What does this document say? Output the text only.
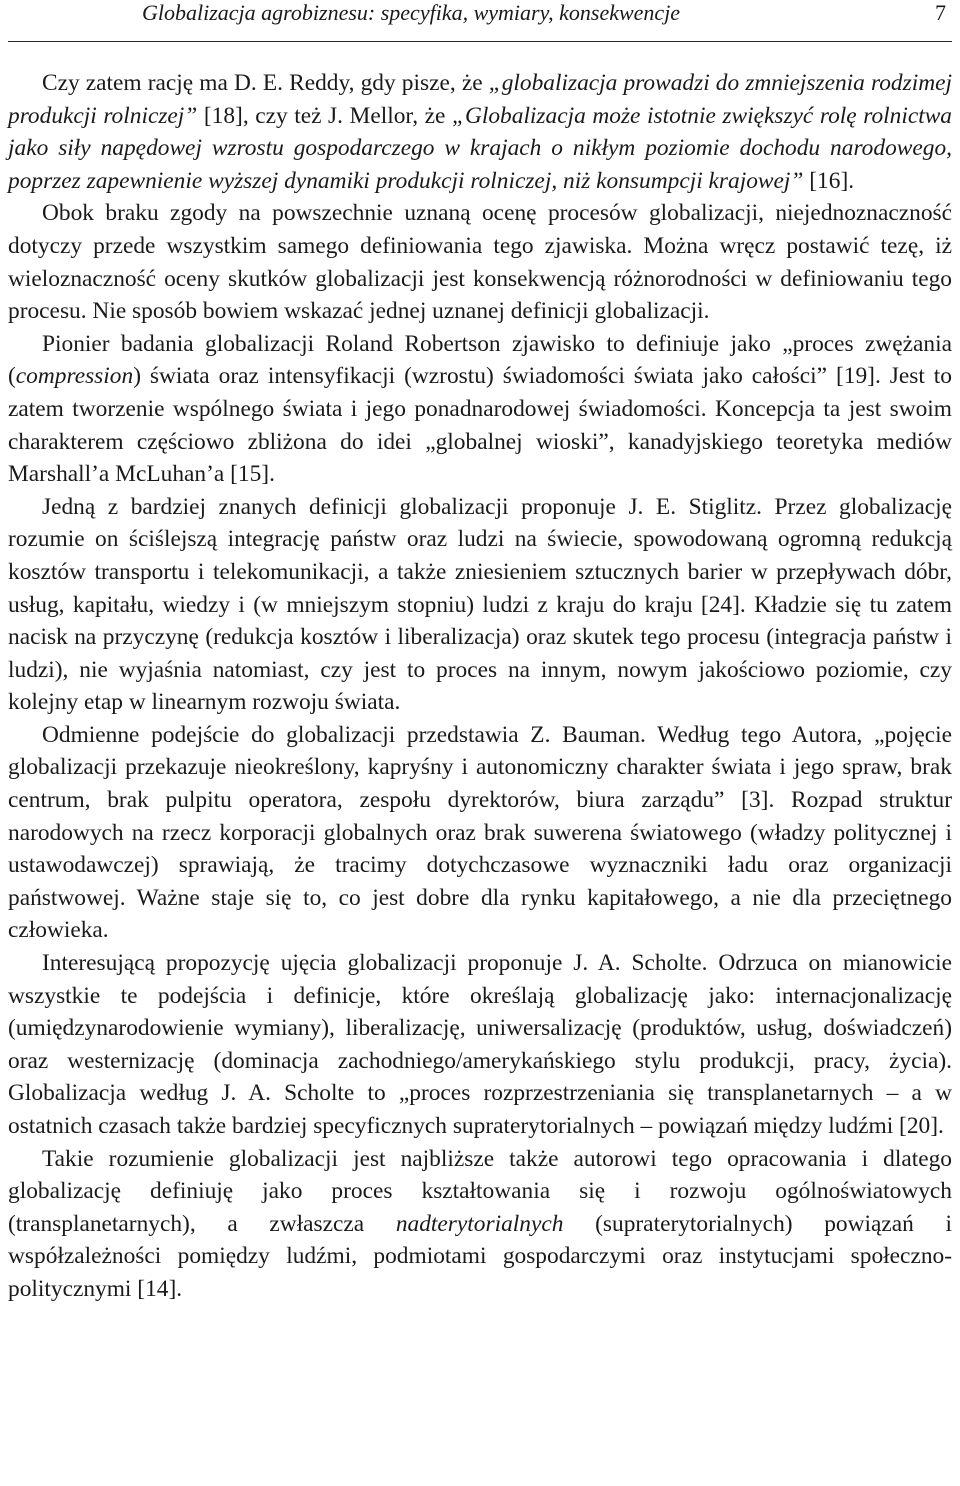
Globalizacja agrobiznesu: specyfika, wymiary, konsekwencje	7

Czy zatem rację ma D. E. Reddy, gdy pisze, że „globalizacja prowadzi do zmniejszenia rodzimej produkcji rolniczej” [18], czy też J. Mellor, że „Globalizacja może istotnie zwiększyć rolę rolnictwa jako siły napędowej wzrostu gospodarczego w krajach o nikłym poziomie dochodu narodowego, poprzez zapewnienie wyższej dynamiki produkcji rolniczej, niż konsumpcji krajowej” [16].

Obok braku zgody na powszechnie uznaną ocenę procesów globalizacji, niejednoznaczność dotyczy przede wszystkim samego definiowania tego zjawiska. Można wręcz postawić tezę, iż wieloznaczność oceny skutków globalizacji jest konsekwencją różnorodności w definiowaniu tego procesu. Nie sposób bowiem wskazać jednej uznanej definicji globalizacji.

Pionier badania globalizacji Roland Robertson zjawisko to definiuje jako „proces zwężania (compression) świata oraz intensyfikacji (wzrostu) świadomości świata jako całości” [19]. Jest to zatem tworzenie wspólnego świata i jego ponadnarodowej świadomości. Koncepcja ta jest swoim charakterem częściowo zbliżona do idei „globalnej wioski”, kanadyjskiego teoretyka mediów Marshall’a McLuhan’a [15].

Jedną z bardziej znanych definicji globalizacji proponuje J. E. Stiglitz. Przez globalizację rozumie on ściślejszą integrację państw oraz ludzi na świecie, spowodowaną ogromną redukcją kosztów transportu i telekomunikacji, a także zniesieniem sztucznych barier w przepływach dóbr, usług, kapitału, wiedzy i (w mniejszym stopniu) ludzi z kraju do kraju [24]. Kładzie się tu zatem nacisk na przyczynę (redukcja kosztów i liberalizacja) oraz skutek tego procesu (integracja państw i ludzi), nie wyjaśnia natomiast, czy jest to proces na innym, nowym jakościowo poziomie, czy kolejny etap w linearnym rozwoju świata.

Odmienne podejście do globalizacji przedstawia Z. Bauman. Według tego Autora, „pojęcie globalizacji przekazuje nieokreślony, kapryśny i autonomiczny charakter świata i jego spraw, brak centrum, brak pulpitu operatora, zespołu dyrektorów, biura zarządu” [3]. Rozpad struktur narodowych na rzecz korporacji globalnych oraz brak suwerena światowego (władzy politycznej i ustawodawczej) sprawiają, że tracimy dotychczasowe wyznaczniki ładu oraz organizacji państwowej. Ważne staje się to, co jest dobre dla rynku kapitałowego, a nie dla przeciętnego człowieka.

Interesującą propozycję ujęcia globalizacji proponuje J. A. Scholte. Odrzuca on mianowicie wszystkie te podejścia i definicje, które określają globalizację jako: internacjonalizację (umiędzynarodowienie wymiany), liberalizację, uniwersalizację (produktów, usług, doświadczeń) oraz westernizację (dominacja zachodniego/amerykańskiego stylu produkcji, pracy, życia). Globalizacja według J. A. Scholte to „proces rozprzestrzeniania się transplanetarnych – a w ostatnich czasach także bardziej specyficznych supraterytorialnych – powiązań między ludźmi [20].

Takie rozumienie globalizacji jest najbliższe także autorowi tego opracowania i dlatego globalizację definiuję jako proces kształtowania się i rozwoju ogólnoświatowych (transplanetarnych), a zwłaszcza nadterytorialnych (supraterytorialnych) powiązań i współzależności pomiędzy ludźmi, podmiotami gospodarczymi oraz instytucjami społeczno-politycznymi [14].
